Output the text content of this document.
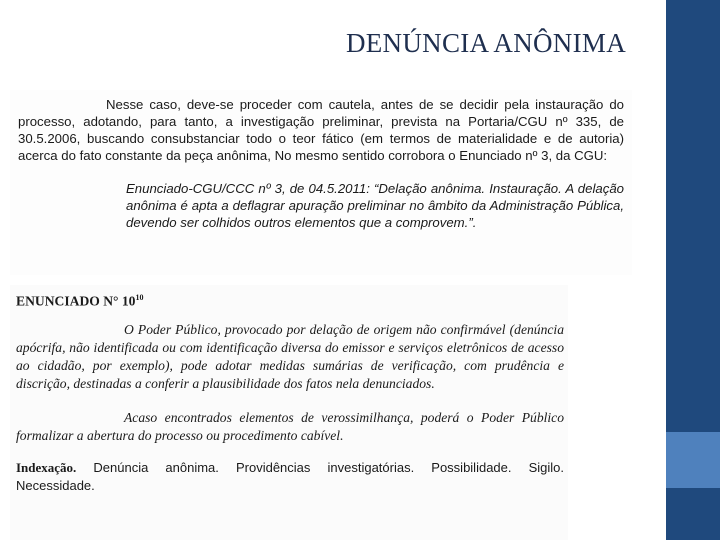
DENÚNCIA ANÔNIMA

Nesse caso, deve-se proceder com cautela, antes de se decidir pela instauração do processo, adotando, para tanto, a investigação preliminar, prevista na Portaria/CGU nº 335, de 30.5.2006, buscando consubstanciar todo o teor fático (em termos de materialidade e de autoria) acerca do fato constante da peça anônima, No mesmo sentido corrobora o Enunciado nº 3, da CGU:

Enunciado-CGU/CCC nº 3, de 04.5.2011: “Delação anônima. Instauração. A delação anônima é apta a deflagrar apuração preliminar no âmbito da Administração Pública, devendo ser colhidos outros elementos que a comprovem.”.

ENUNCIADO N° $10^{10}$

O Poder Público, provocado por delação de origem não confirmável (denúncia apócrifa, não identificada ou com identificação diversa do emissor e serviços eletrônicos de acesso ao cidadão, por exemplo), pode adotar medidas sumárias de verificação, com prudência e discrição, destinadas a conferir a plausibilidade dos fatos nela denunciados.

Acaso encontrados elementos de verossimilhança, poderá o Poder Público formalizar a abertura do processo ou procedimento cabível.

Indexação. Denúncia anônima. Providências investigatórias. Possibilidade. Sigilo. Necessidade.
